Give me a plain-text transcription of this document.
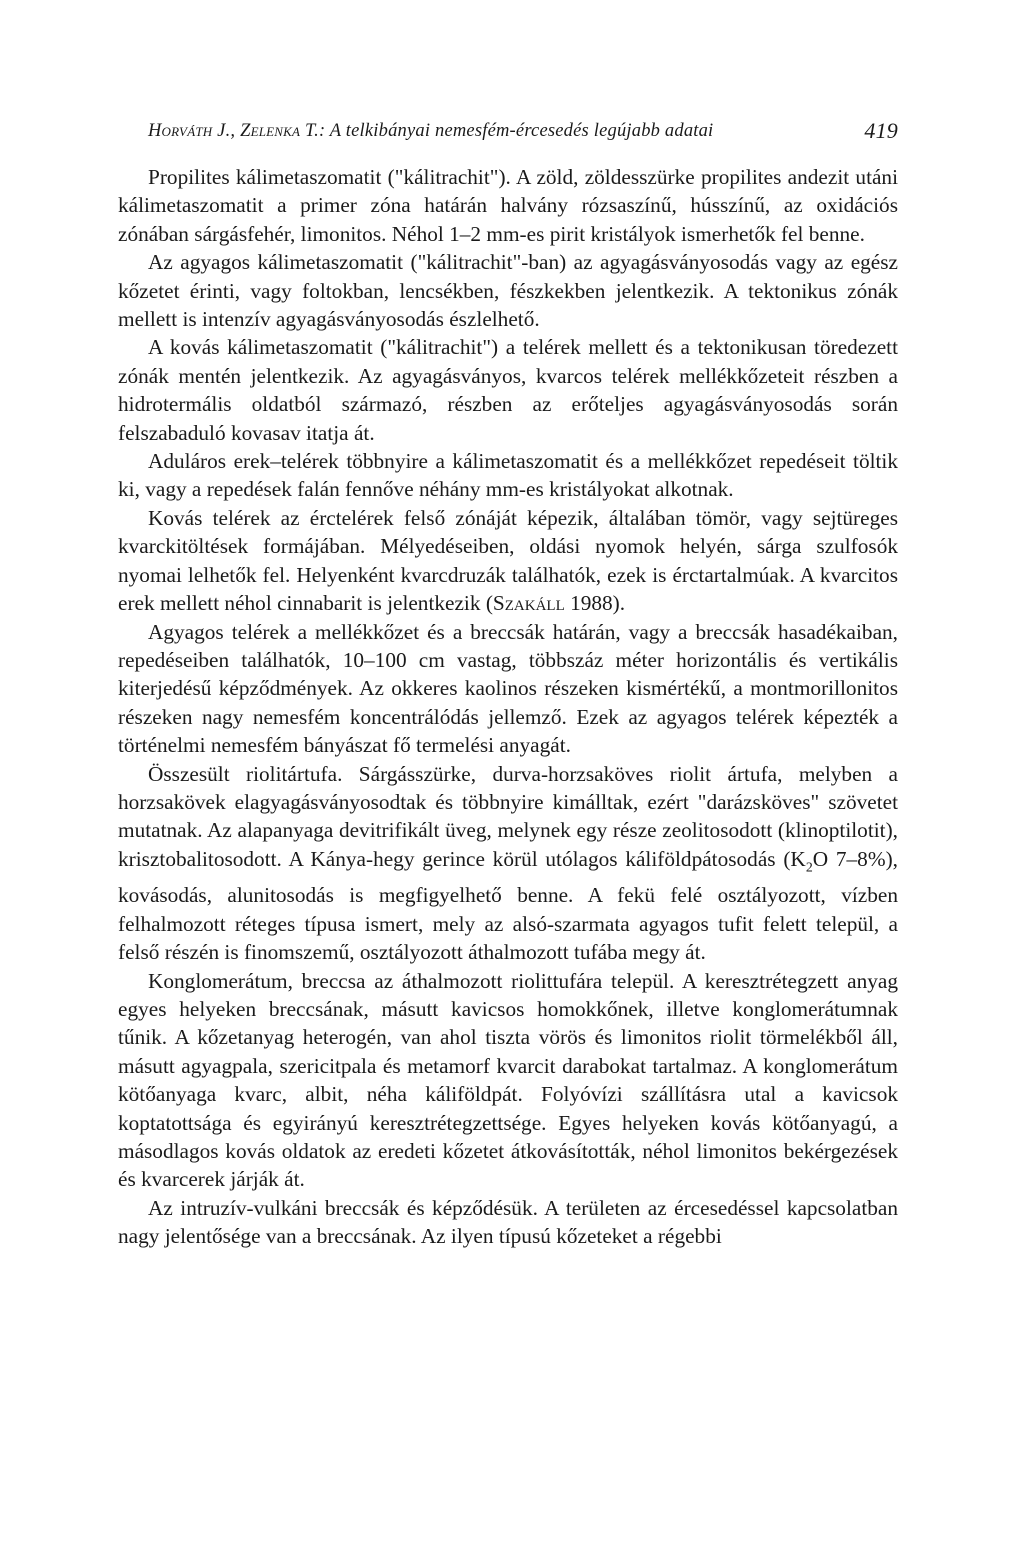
Horváth J., Zelenka T.: A telkibányai nemesfém-ércesedés legújabb adatai	419

Propilites kálimetaszomatit ("kálitrachit"). A zöld, zöldesszürke propilites andezit utáni kálimetaszomatit a primer zóna határán halvány rózsaszínű, hússzínű, az oxidációs zónában sárgásfehér, limonitos. Néhol 1–2 mm-es pirit kristályok ismerhetők fel benne.

Az agyagos kálimetaszomatit ("kálitrachit"-ban) az agyagásványosodás vagy az egész kőzetet érinti, vagy foltokban, lencsékben, fészkekben jelentkezik. A tektonikus zónák mellett is intenzív agyagásványosodás észlelhető.

A kovás kálimetaszomatit ("kálitrachit") a telérek mellett és a tektonikusan töredezett zónák mentén jelentkezik. Az agyagásványos, kvarcos telérek mellékkőzeteit részben a hidrotermális oldatból származó, részben az erőteljes agyagásványosodás során felszabaduló kovasav itatja át.

Aduláros erek–telérek többnyire a kálimetaszomatit és a mellékkőzet repedéseit töltik ki, vagy a repedések falán fennőve néhány mm-es kristályokat alkotnak.

Kovás telérek az érctelérek felső zónáját képezik, általában tömör, vagy sejtüreges kvarckitöltések formájában. Mélyedéseiben, oldási nyomok helyén, sárga szulfosók nyomai lelhetők fel. Helyenként kvarcdruzák találhatók, ezek is érctartalmúak. A kvarcitos erek mellett néhol cinnabarit is jelentkezik (Szakáll 1988).

Agyagos telérek a mellékkőzet és a breccsák határán, vagy a breccsák hasadékaiban, repedéseiben találhatók, 10–100 cm vastag, többszáz méter horizontális és vertikális kiterjedésű képződmények. Az okkeres kaolinos részeken kismértékű, a montmorillonitos részeken nagy nemesfém koncentrálódás jellemző. Ezek az agyagos telérek képezték a történelmi nemesfém bányászat fő termelési anyagát.

Összesült riolitártufa. Sárgásszürke, durva-horzsaköves riolit ártufa, melyben a horzsakövek elagyagásványosodtak és többnyire kimálltak, ezért "darázsköves" szövetet mutatnak. Az alapanyaga devitrifikált üveg, melynek egy része zeolitosodott (klinoptilotit), krisztobalitosodott. A Kánya-hegy gerince körül utólagos káliföldpátosodás ($K_2O$ 7–8%), kovásodás, alunitosodás is megfigyelhető benne. A fekü felé osztályozott, vízben felhalmozott réteges típusa ismert, mely az alsó-szarmata agyagos tufit felett települ, a felső részén is finomszemű, osztályozott áthalmozott tufába megy át.

Konglomerátum, breccsa az áthalmozott riolittufára települ. A keresztrétegzett anyag egyes helyeken breccsának, másutt kavicsos homokkőnek, illetve konglomerátumnak tűnik. A kőzetanyag heterogén, van ahol tiszta vörös és limonitos riolit törmelékből áll, másutt agyagpala, szericitpala és metamorf kvarcit darabokat tartalmaz. A konglomerátum kötőanyaga kvarc, albit, néha káliföldpát. Folyóvízi szállításra utal a kavicsok koptatottsága és egyirányú keresztrétegzettsége. Egyes helyeken kovás kötőanyagú, a másodlagos kovás oldatok az eredeti kőzetet átkovásították, néhol limonitos bekérgezések és kvarcerek járják át.

Az intruzív-vulkáni breccsák és képződésük. A területen az ércesedéssel kapcsolatban nagy jelentősége van a breccsának. Az ilyen típusú kőzeteket a régebbi
